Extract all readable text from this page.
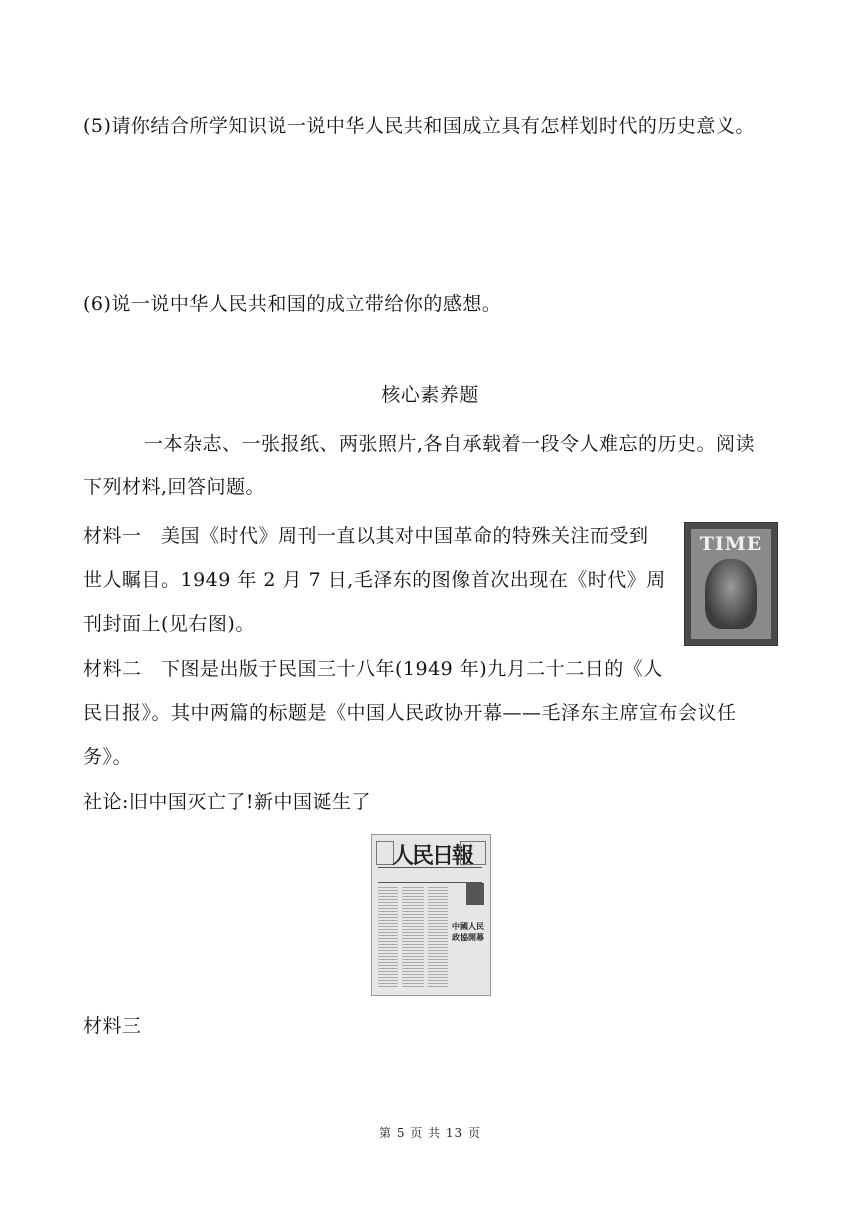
(5)请你结合所学知识说一说中华人民共和国成立具有怎样划时代的历史意义。
(6)说一说中华人民共和国的成立带给你的感想。
核心素养题
一本杂志、一张报纸、两张照片,各自承载着一段令人难忘的历史。阅读
下列材料,回答问题。
材料一　美国《时代》周刊一直以其对中国革命的特殊关注而受到
世人瞩目。1949 年 2 月 7 日,毛泽东的图像首次出现在《时代》周
刊封面上(见右图)。
TIME
材料二　下图是出版于民国三十八年(1949 年)九月二十二日的《人
民日报》。其中两篇的标题是《中国人民政协开幕——毛泽东主席宣布会议任
务》。
社论:旧中国灭亡了!新中国诞生了
人民日報
中國人民政協開幕
材料三
第 5 页 共 13 页
